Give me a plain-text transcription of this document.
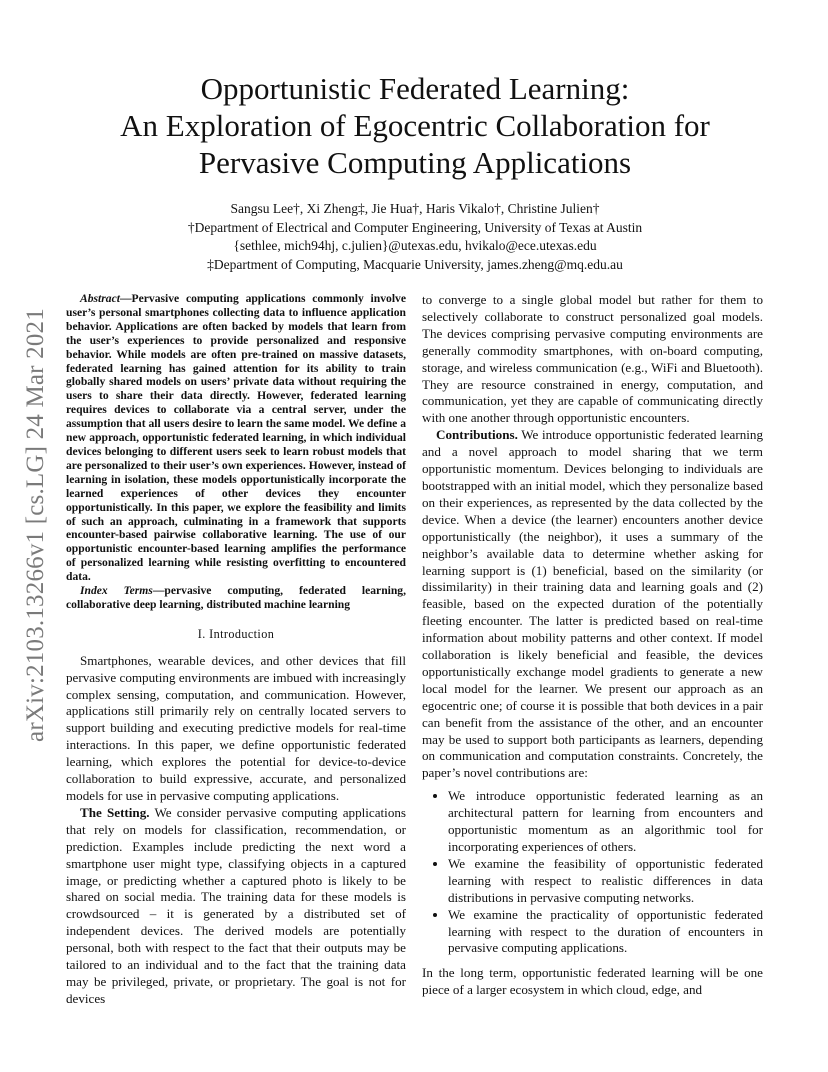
arXiv:2103.13266v1 [cs.LG] 24 Mar 2021
Opportunistic Federated Learning:
An Exploration of Egocentric Collaboration for
Pervasive Computing Applications
Sangsu Lee†, Xi Zheng‡, Jie Hua†, Haris Vikalo†, Christine Julien†
†Department of Electrical and Computer Engineering, University of Texas at Austin
{sethlee, mich94hj, c.julien}@utexas.edu, hvikalo@ece.utexas.edu
‡Department of Computing, Macquarie University, james.zheng@mq.edu.au

Abstract—Pervasive computing applications commonly involve user’s personal smartphones collecting data to influence application behavior. Applications are often backed by models that learn from the user’s experiences to provide personalized and responsive behavior. While models are often pre-trained on massive datasets, federated learning has gained attention for its ability to train globally shared models on users’ private data without requiring the users to share their data directly. However, federated learning requires devices to collaborate via a central server, under the assumption that all users desire to learn the same model. We define a new approach, opportunistic federated learning, in which individual devices belonging to different users seek to learn robust models that are personalized to their user’s own experiences. However, instead of learning in isolation, these models opportunistically incorporate the learned experiences of other devices they encounter opportunistically. In this paper, we explore the feasibility and limits of such an approach, culminating in a framework that supports encounter-based pairwise collaborative learning. The use of our opportunistic encounter-based learning amplifies the performance of personalized learning while resisting overfitting to encountered data.

Index Terms—pervasive computing, federated learning, collaborative deep learning, distributed machine learning

I. Introduction

Smartphones, wearable devices, and other devices that fill pervasive computing environments are imbued with increasingly complex sensing, computation, and communication. However, applications still primarily rely on centrally located servers to support building and executing predictive models for real-time interactions. In this paper, we define opportunistic federated learning, which explores the potential for device-to-device collaboration to build expressive, accurate, and personalized models for use in pervasive computing applications.

The Setting. We consider pervasive computing applications that rely on models for classification, recommendation, or prediction. Examples include predicting the next word a smartphone user might type, classifying objects in a captured image, or predicting whether a captured photo is likely to be shared on social media. The training data for these models is crowdsourced – it is generated by a distributed set of independent devices. The derived models are potentially personal, both with respect to the fact that their outputs may be tailored to an individual and to the fact that the training data may be privileged, private, or proprietary. The goal is not for devices

to converge to a single global model but rather for them to selectively collaborate to construct personalized goal models. The devices comprising pervasive computing environments are generally commodity smartphones, with on-board computing, storage, and wireless communication (e.g., WiFi and Bluetooth). They are resource constrained in energy, computation, and communication, yet they are capable of communicating directly with one another through opportunistic encounters.

Contributions. We introduce opportunistic federated learning and a novel approach to model sharing that we term opportunistic momentum. Devices belonging to individuals are bootstrapped with an initial model, which they personalize based on their experiences, as represented by the data collected by the device. When a device (the learner) encounters another device opportunistically (the neighbor), it uses a summary of the neighbor’s available data to determine whether asking for learning support is (1) beneficial, based on the similarity (or dissimilarity) in their training data and learning goals and (2) feasible, based on the expected duration of the potentially fleeting encounter. The latter is predicted based on real-time information about mobility patterns and other context. If model collaboration is likely beneficial and feasible, the devices opportunistically exchange model gradients to generate a new local model for the learner. We present our approach as an egocentric one; of course it is possible that both devices in a pair can benefit from the assistance of the other, and an encounter may be used to support both participants as learners, depending on communication and computation constraints. Concretely, the paper’s novel contributions are:

• We introduce opportunistic federated learning as an architectural pattern for learning from encounters and opportunistic momentum as an algorithmic tool for incorporating experiences of others.
• We examine the feasibility of opportunistic federated learning with respect to realistic differences in data distributions in pervasive computing networks.
• We examine the practicality of opportunistic federated learning with respect to the duration of encounters in pervasive computing applications.

In the long term, opportunistic federated learning will be one piece of a larger ecosystem in which cloud, edge, and
